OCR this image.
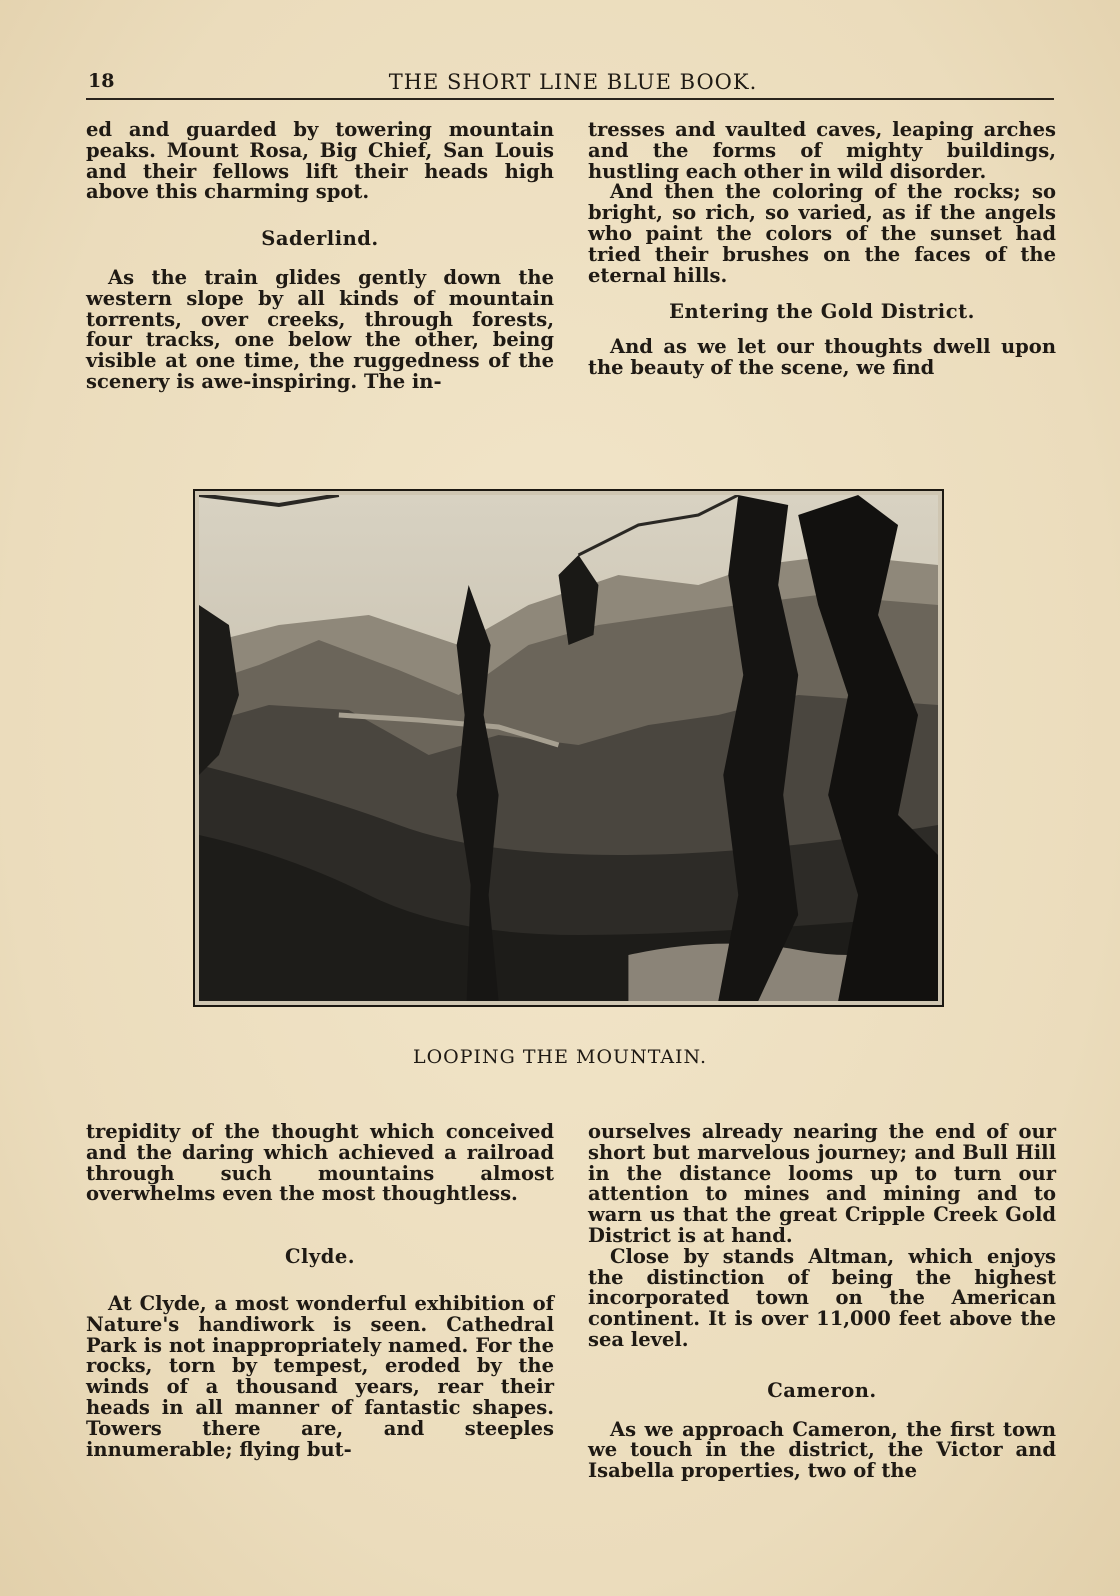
18	THE SHORT LINE BLUE BOOK.

ed and guarded by towering mountain peaks. Mount Rosa, Big Chief, San Louis and their fellows lift their heads high above this charming spot.

Saderlind.

As the train glides gently down the western slope by all kinds of mountain torrents, over creeks, through forests, four tracks, one below the other, being visible at one time, the ruggedness of the scenery is awe-inspiring. The in-

tresses and vaulted caves, leaping arches and the forms of mighty buildings, hustling each other in wild disorder.

And then the coloring of the rocks; so bright, so rich, so varied, as if the angels who paint the colors of the sunset had tried their brushes on the faces of the eternal hills.

Entering the Gold District.

And as we let our thoughts dwell upon the beauty of the scene, we find

LOOPING THE MOUNTAIN.

trepidity of the thought which conceived and the daring which achieved a railroad through such mountains almost overwhelms even the most thoughtless.

Clyde.

At Clyde, a most wonderful exhibition of Nature's handiwork is seen. Cathedral Park is not inappropriately named. For the rocks, torn by tempest, eroded by the winds of a thousand years, rear their heads in all manner of fantastic shapes. Towers there are, and steeples innumerable; flying but-

ourselves already nearing the end of our short but marvelous journey; and Bull Hill in the distance looms up to turn our attention to mines and mining and to warn us that the great Cripple Creek Gold District is at hand.

Close by stands Altman, which enjoys the distinction of being the highest incorporated town on the American continent. It is over 11,000 feet above the sea level.

Cameron.

As we approach Cameron, the first town we touch in the district, the Victor and Isabella properties, two of the
